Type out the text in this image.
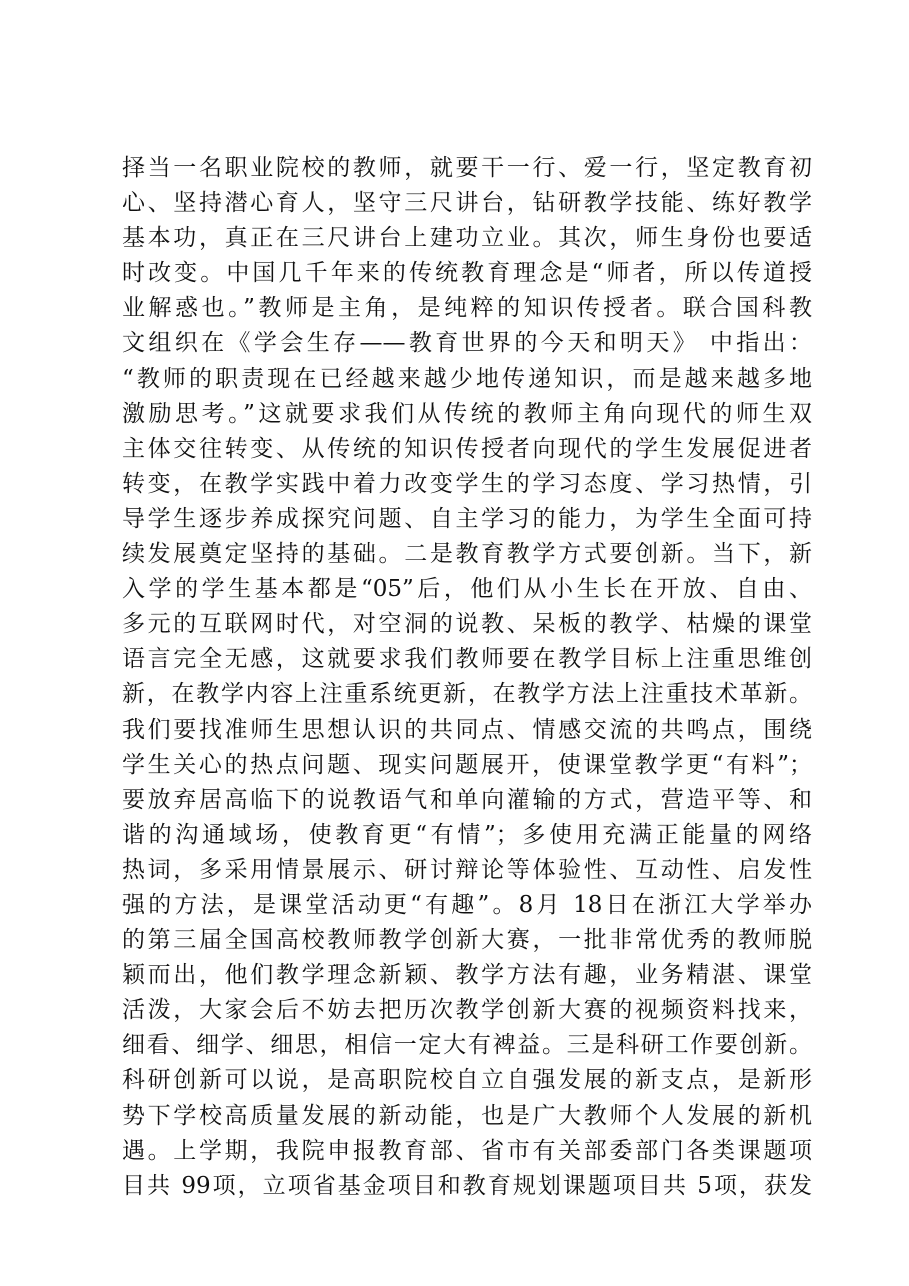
择当一名职业院校的教师，就要干一行、爱一行，坚定教育初
心、坚持潜心育人，坚守三尺讲台，钻研教学技能、练好教学
基本功，真正在三尺讲台上建功立业。其次，师生身份也要适
时改变。中国几千年来的传统教育理念是“师者，所以传道授
业解惑也。”教师是主角，是纯粹的知识传授者。联合国科教
文组织在《学会生存——教育世界的今天和明天》 中指出：
“教师的职责现在已经越来越少地传递知识，而是越来越多地
激励思考。”这就要求我们从传统的教师主角向现代的师生双
主体交往转变、从传统的知识传授者向现代的学生发展促进者
转变，在教学实践中着力改变学生的学习态度、学习热情，引
导学生逐步养成探究问题、自主学习的能力，为学生全面可持
续发展奠定坚持的基础。二是教育教学方式要创新。当下，新
入学的学生基本都是“05”后，他们从小生长在开放、自由、
多元的互联网时代，对空洞的说教、呆板的教学、枯燥的课堂
语言完全无感，这就要求我们教师要在教学目标上注重思维创
新，在教学内容上注重系统更新，在教学方法上注重技术革新。
我们要找准师生思想认识的共同点、情感交流的共鸣点，围绕
学生关心的热点问题、现实问题展开，使课堂教学更“有料”；
要放弃居高临下的说教语气和单向灌输的方式，营造平等、和
谐的沟通域场，使教育更“有情”；多使用充满正能量的网络
热词，多采用情景展示、研讨辩论等体验性、互动性、启发性
强的方法，是课堂活动更“有趣”。8月 18日在浙江大学举办
的第三届全国高校教师教学创新大赛，一批非常优秀的教师脱
颖而出，他们教学理念新颖、教学方法有趣，业务精湛、课堂
活泼，大家会后不妨去把历次教学创新大赛的视频资料找来，
细看、细学、细思，相信一定大有裨益。三是科研工作要创新。
科研创新可以说，是高职院校自立自强发展的新支点，是新形
势下学校高质量发展的新动能，也是广大教师个人发展的新机
遇。上学期，我院申报教育部、省市有关部委部门各类课题项
目共 99项，立项省基金项目和教育规划课题项目共 5项，获发
